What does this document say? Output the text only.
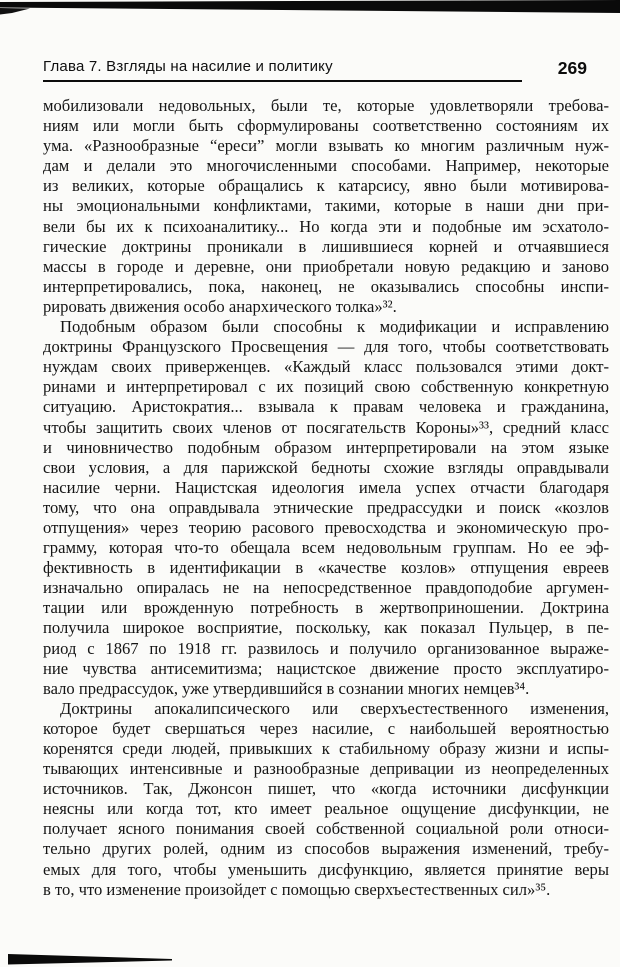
Глава 7. Взгляды на насилие и политику	269
мобилизовали недовольных, были те, которые удовлетворяли требова-
ниям или могли быть сформулированы соответственно состояниям их
ума. «Разнообразные “ереси” могли взывать ко многим различным нуж-
дам и делали это многочисленными способами. Например, некоторые
из великих, которые обращались к катарсису, явно были мотивирова-
ны эмоциональными конфликтами, такими, которые в наши дни при-
вели бы их к психоаналитику... Но когда эти и подобные им эсхатоло-
гические доктрины проникали в лишившиеся корней и отчаявшиеся
массы в городе и деревне, они приобретали новую редакцию и заново
интерпретировались, пока, наконец, не оказывались способны инспи-
рировать движения особо анархического толка»³².
Подобным образом были способны к модификации и исправлению
доктрины Французского Просвещения — для того, чтобы соответствовать
нуждам своих приверженцев. «Каждый класс пользовался этими докт-
ринами и интерпретировал с их позиций свою собственную конкретную
ситуацию. Аристократия... взывала к правам человека и гражданина,
чтобы защитить своих членов от посягательств Короны»³³, средний класс
и чиновничество подобным образом интерпретировали на этом языке
свои условия, а для парижской бедноты схожие взгляды оправдывали
насилие черни. Нацистская идеология имела успех отчасти благодаря
тому, что она оправдывала этнические предрассудки и поиск «козлов
отпущения» через теорию расового превосходства и экономическую про-
грамму, которая что-то обещала всем недовольным группам. Но ее эф-
фективность в идентификации в «качестве козлов» отпущения евреев
изначально опиралась не на непосредственное правдоподобие аргумен-
тации или врожденную потребность в жертвоприношении. Доктрина
получила широкое восприятие, поскольку, как показал Пульцер, в пе-
риод с 1867 по 1918 гг. развилось и получило организованное выраже-
ние чувства антисемитизма; нацистское движение просто эксплуатиро-
вало предрассудок, уже утвердившийся в сознании многих немцев³⁴.
Доктрины апокалипсического или сверхъестественного изменения,
которое будет свершаться через насилие, с наибольшей вероятностью
коренятся среди людей, привыкших к стабильному образу жизни и испы-
тывающих интенсивные и разнообразные депривации из неопределенных
источников. Так, Джонсон пишет, что «когда источники дисфункции
неясны или когда тот, кто имеет реальное ощущение дисфункции, не
получает ясного понимания своей собственной социальной роли относи-
тельно других ролей, одним из способов выражения изменений, требу-
емых для того, чтобы уменьшить дисфункцию, является принятие веры
в то, что изменение произойдет с помощью сверхъестественных сил»³⁵.
